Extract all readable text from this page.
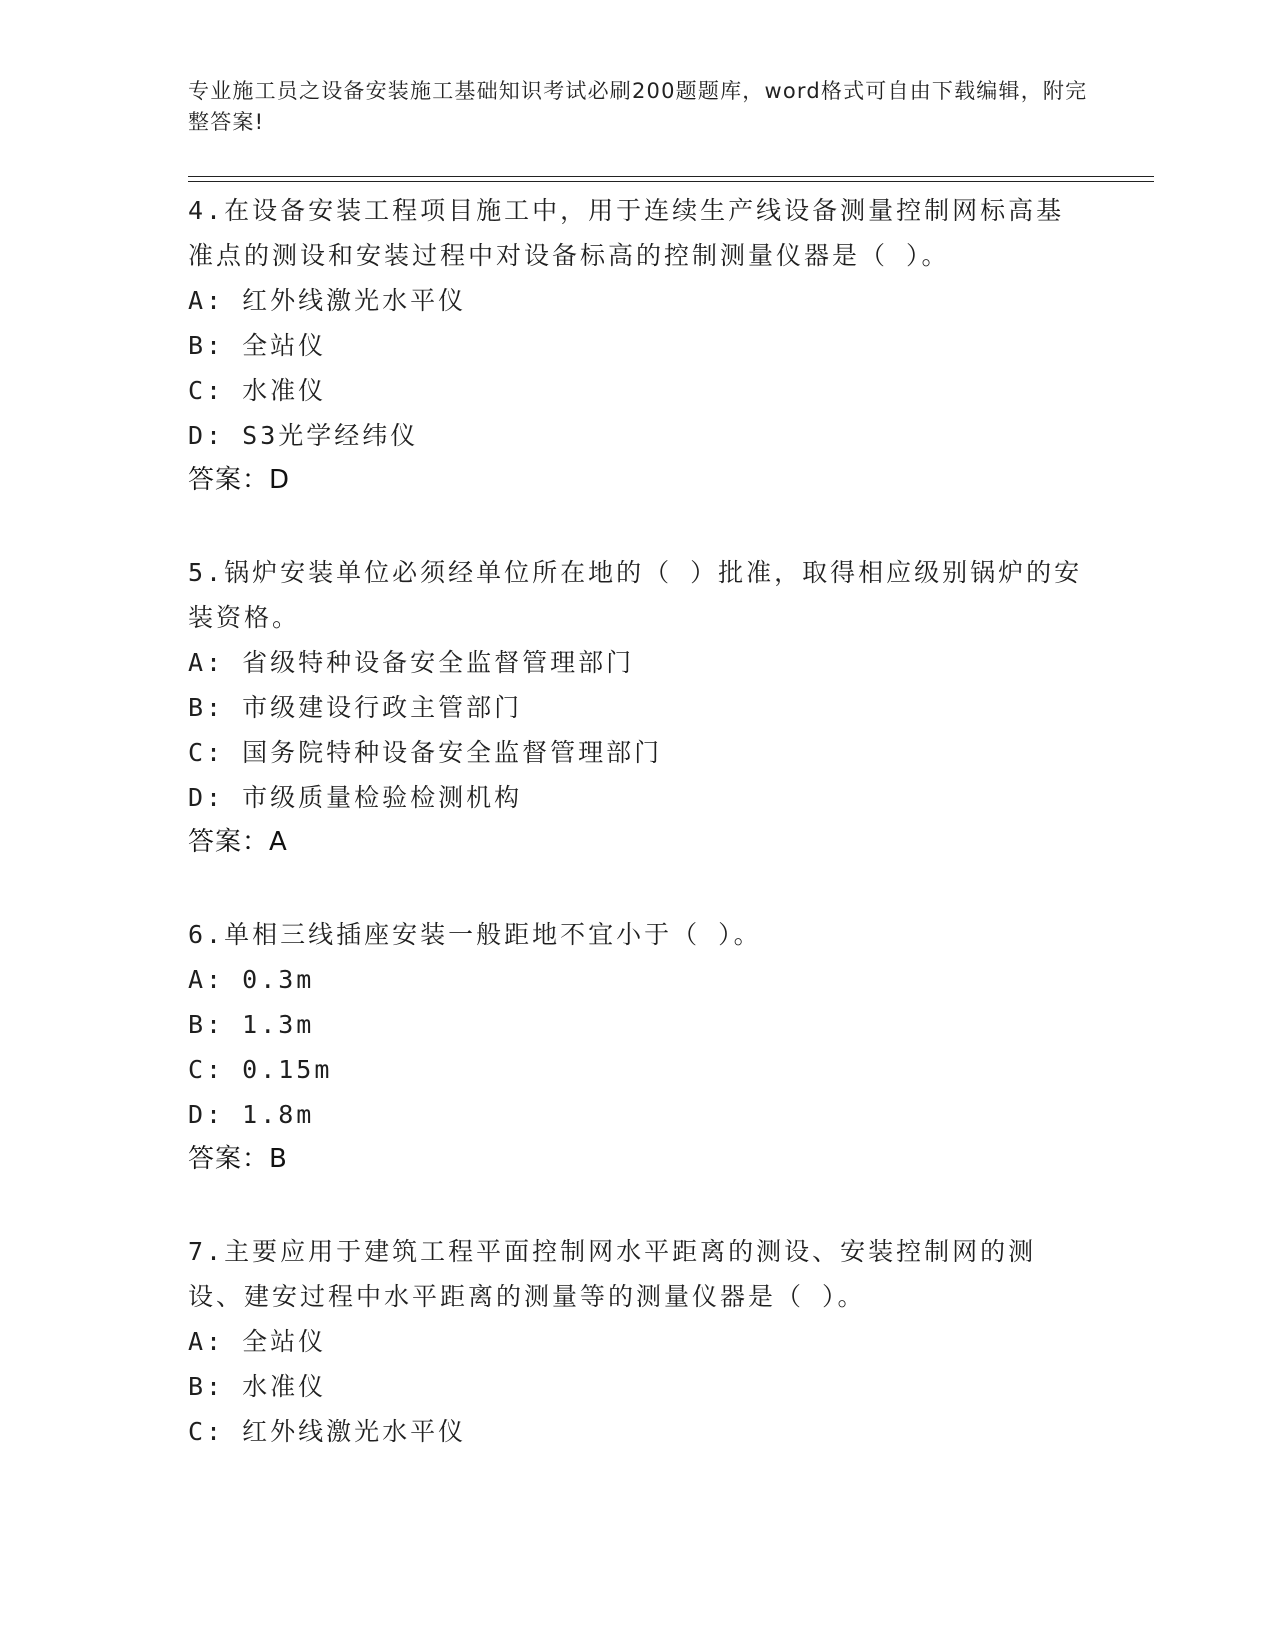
专业施工员之设备安装施工基础知识考试必刷200题题库，word格式可自由下载编辑，附完整答案!
4.在设备安装工程项目施工中，用于连续生产线设备测量控制网标高基准点的测设和安装过程中对设备标高的控制测量仪器是（ ）。
A: 红外线激光水平仪
B: 全站仪
C: 水准仪
D: S3光学经纬仪
答案：D
5.锅炉安装单位必须经单位所在地的（ ）批准，取得相应级别锅炉的安装资格。
A: 省级特种设备安全监督管理部门
B: 市级建设行政主管部门
C: 国务院特种设备安全监督管理部门
D: 市级质量检验检测机构
答案：A
6.单相三线插座安装一般距地不宜小于（ ）。
A: 0.3m
B: 1.3m
C: 0.15m
D: 1.8m
答案：B
7.主要应用于建筑工程平面控制网水平距离的测设、安装控制网的测设、建安过程中水平距离的测量等的测量仪器是（ ）。
A: 全站仪
B: 水准仪
C: 红外线激光水平仪
